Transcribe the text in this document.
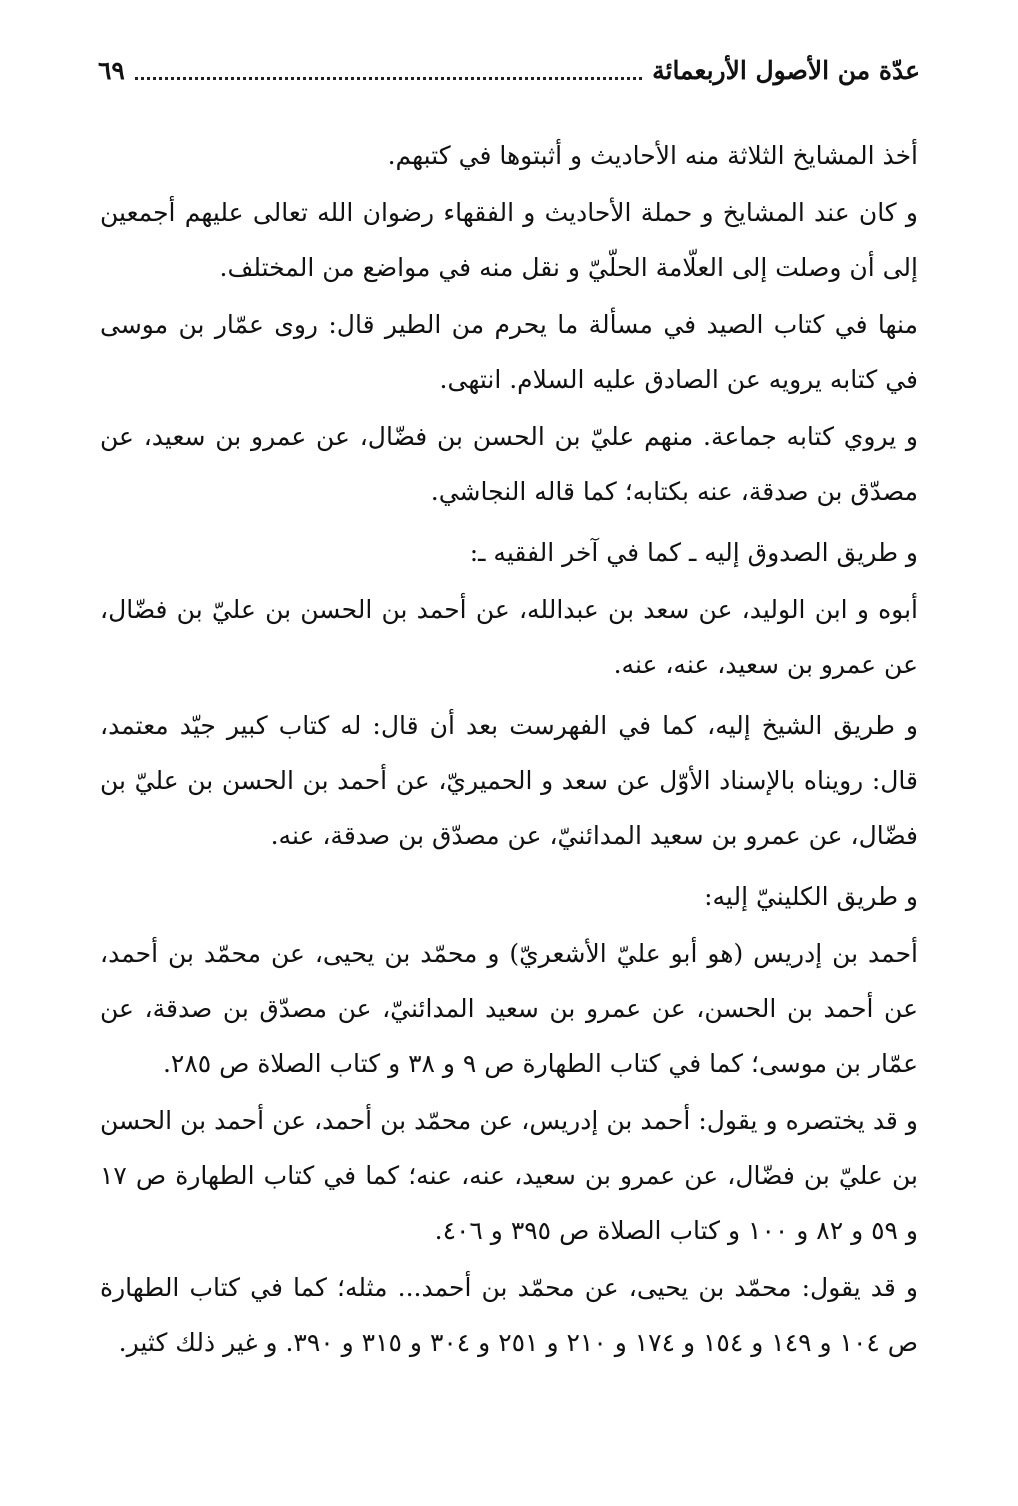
عدّة من الأصول الأربعمائة
٦٩

أخذ المشايخ الثلاثة منه الأحاديث و أثبتوها في كتبهم.

و كان عند المشايخ و حملة الأحاديث و الفقهاء رضوان الله تعالى عليهم أجمعين إلى أن وصلت إلى العلّامة الحلّيّ و نقل منه في مواضع من المختلف.

منها في كتاب الصيد في مسألة ما يحرم من الطير قال: روى عمّار بن موسى في كتابه يرويه عن الصادق عليه السلام. انتهى.

و يروي كتابه جماعة. منهم عليّ بن الحسن بن فضّال، عن عمرو بن سعيد، عن مصدّق بن صدقة، عنه بكتابه؛ كما قاله النجاشي.

و طريق الصدوق إليه ـ كما في آخر الفقيه ـ:

أبوه و ابن الوليد، عن سعد بن عبدالله، عن أحمد بن الحسن بن عليّ بن فضّال، عن عمرو بن سعيد، عنه، عنه.

و طريق الشيخ إليه، كما في الفهرست بعد أن قال: له كتاب كبير جيّد معتمد، قال: رويناه بالإسناد الأوّل عن سعد و الحميريّ، عن أحمد بن الحسن بن عليّ بن فضّال، عن عمرو بن سعيد المدائنيّ، عن مصدّق بن صدقة، عنه.

و طريق الكلينيّ إليه:

أحمد بن إدريس (هو أبو عليّ الأشعريّ) و محمّد بن يحيى، عن محمّد بن أحمد، عن أحمد بن الحسن، عن عمرو بن سعيد المدائنيّ، عن مصدّق بن صدقة، عن عمّار بن موسى؛ كما في كتاب الطهارة ص ٩ و ٣٨ و كتاب الصلاة ص ٢٨٥.

و قد يختصره و يقول: أحمد بن إدريس، عن محمّد بن أحمد، عن أحمد بن الحسن بن عليّ بن فضّال، عن عمرو بن سعيد، عنه، عنه؛ كما في كتاب الطهارة ص ١٧ و ٥٩ و ٨٢ و ١٠٠ و كتاب الصلاة ص ٣٩٥ و ٤٠٦.

و قد يقول: محمّد بن يحيى، عن محمّد بن أحمد... مثله؛ كما في كتاب الطهارة ص ١٠٤ و ١٤٩ و ١٥٤ و ١٧٤ و ٢١٠ و ٢٥١ و ٣٠٤ و ٣١٥ و ٣٩٠. و غير ذلك كثير.
